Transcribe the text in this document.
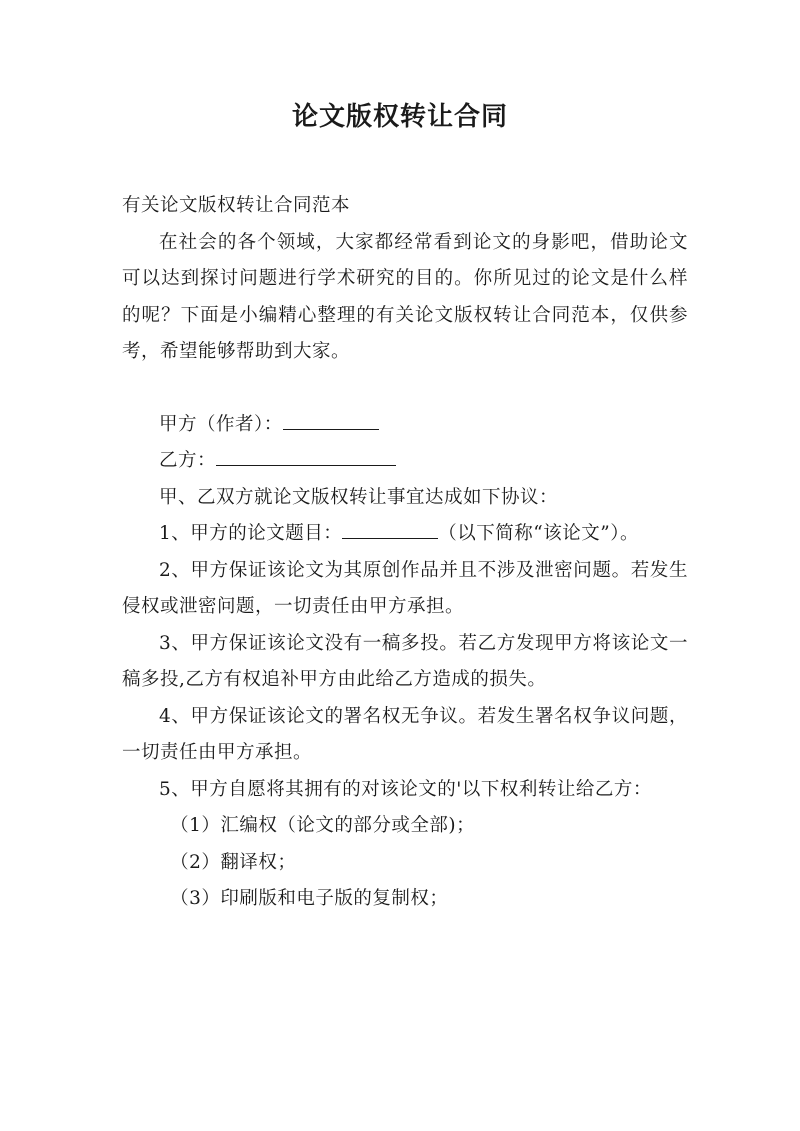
论文版权转让合同

有关论文版权转让合同范本

在社会的各个领域，大家都经常看到论文的身影吧，借助论文可以达到探讨问题进行学术研究的目的。你所见过的论文是什么样的呢？下面是小编精心整理的有关论文版权转让合同范本，仅供参考，希望能够帮助到大家。

甲方（作者）：

乙方：

甲、乙双方就论文版权转让事宜达成如下协议：

1、甲方的论文题目：	（以下简称“该论文”）。

2、甲方保证该论文为其原创作品并且不涉及泄密问题。若发生侵权或泄密问题，一切责任由甲方承担。

3、甲方保证该论文没有一稿多投。若乙方发现甲方将该论文一稿多投,乙方有权追补甲方由此给乙方造成的损失。

4、甲方保证该论文的署名权无争议。若发生署名权争议问题，一切责任由甲方承担。

5、甲方自愿将其拥有的对该论文的'以下权利转让给乙方：

（1）汇编权（论文的部分或全部)；

（2）翻译权；

（3）印刷版和电子版的复制权；
